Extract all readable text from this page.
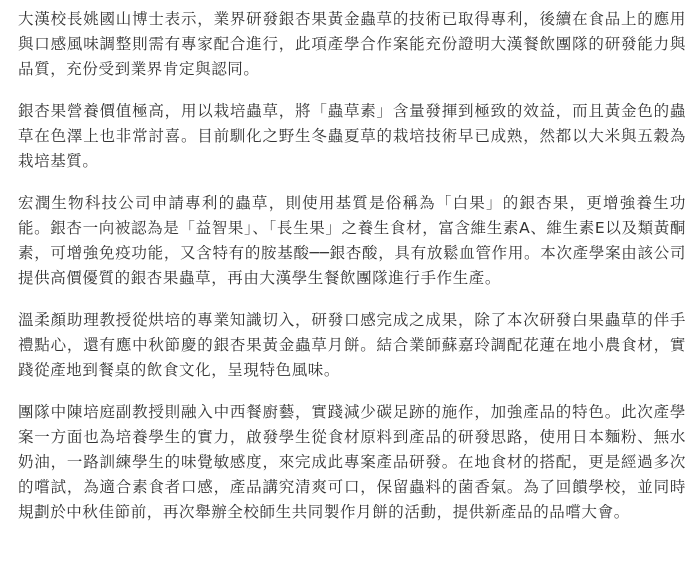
大漢校長姚國山博士表示，業界研發銀杏果黃金蟲草的技術已取得專利，後續在食品上的應用與口感風味調整則需有專家配合進行，此項產學合作案能充份證明大漢餐飲團隊的研發能力與品質，充份受到業界肯定與認同。

銀杏果營養價值極高，用以栽培蟲草，將「蟲草素」含量發揮到極致的效益，而且黃金色的蟲草在色澤上也非常討喜。目前馴化之野生冬蟲夏草的栽培技術早已成熟，然都以大米與五穀為栽培基質。

宏潤生物科技公司申請專利的蟲草，則使用基質是俗稱為「白果」的銀杏果，更增強養生功能。銀杏一向被認為是「益智果」、「長生果」之養生食材，富含維生素A、維生素E以及類黃酮素，可增強免疫功能，又含特有的胺基酸──銀杏酸，具有放鬆血管作用。本次產學案由該公司提供高價優質的銀杏果蟲草，再由大漢學生餐飲團隊進行手作生產。

溫柔顏助理教授從烘培的專業知識切入，研發口感完成之成果，除了本次研發白果蟲草的伴手禮點心，還有應中秋節慶的銀杏果黃金蟲草月餅。結合業師蘇嘉玲調配花蓮在地小農食材，實踐從產地到餐桌的飲食文化，呈現特色風味。

團隊中陳培庭副教授則融入中西餐廚藝，實踐減少碳足跡的施作，加強產品的特色。此次產學案一方面也為培養學生的實力，啟發學生從食材原料到產品的研發思路，使用日本麵粉、無水奶油，一路訓練學生的味覺敏感度，來完成此專案產品研發。在地食材的搭配，更是經過多次的嚐試，為適合素食者口感，產品講究清爽可口，保留蟲料的菌香氣。為了回饋學校，並同時規劃於中秋佳節前，再次舉辦全校師生共同製作月餅的活動，提供新產品的品嚐大會。
